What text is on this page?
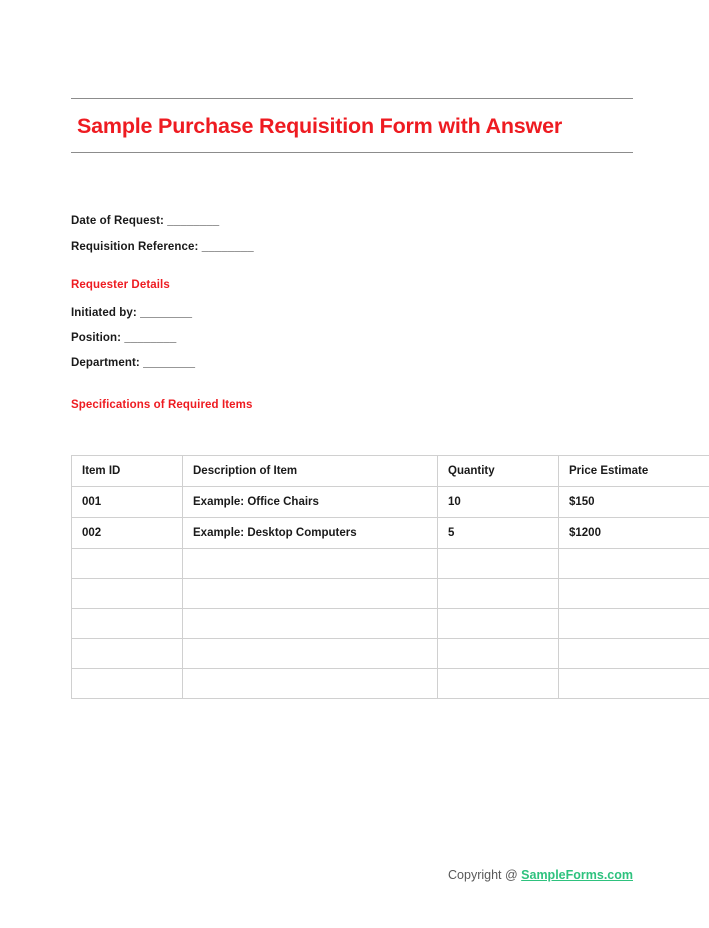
Sample Purchase Requisition Form with Answer
Date of Request: ________
Requisition Reference: ________
Requester Details
Initiated by: ________
Position: ________
Department: ________
Specifications of Required Items
Item ID	Description of Item	Quantity	Price Estimate
001	Example: Office Chairs	10	$150
002	Example: Desktop Computers	5	$1200

Copyright @ SampleForms.com
